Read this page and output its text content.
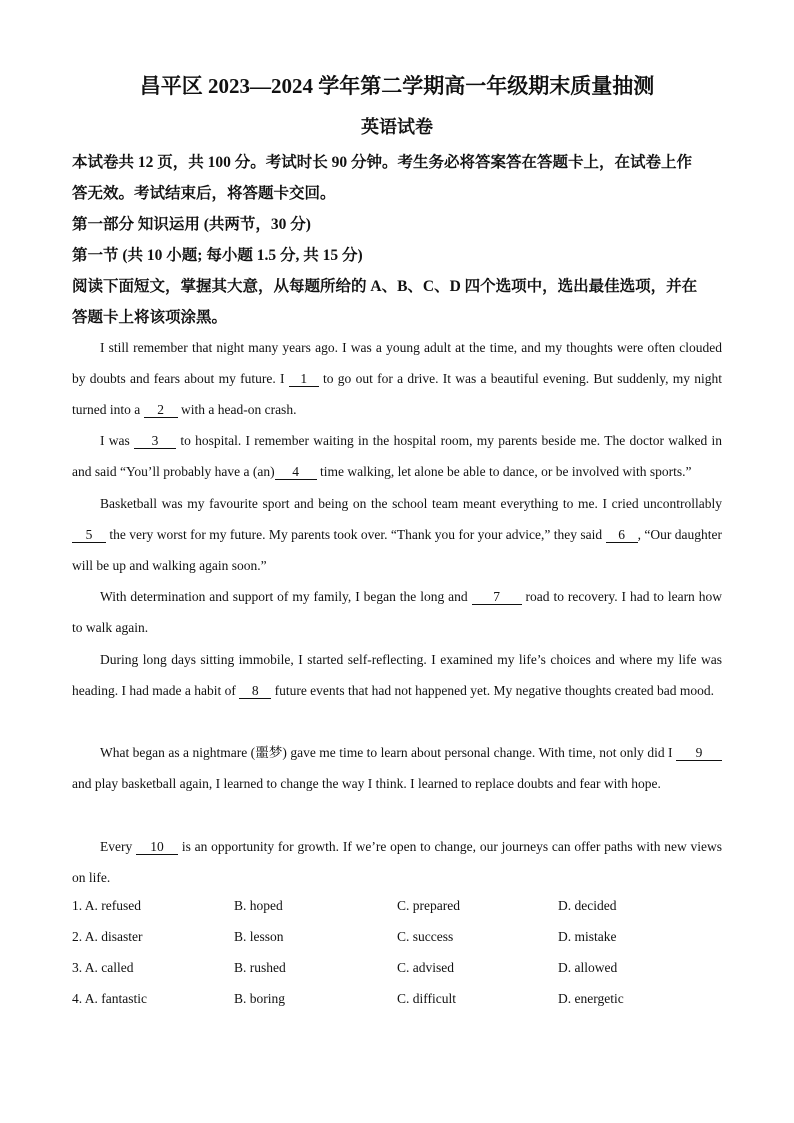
昌平区 2023—2024 学年第二学期高一年级期末质量抽测
英语试卷
本试卷共 12 页，共 100 分。考试时长 90 分钟。考生务必将答案答在答题卡上，在试卷上作
答无效。考试结束后，将答题卡交回。
第一部分 知识运用 (共两节，30 分)
第一节 (共 10 小题; 每小题 1.5 分, 共 15 分)
阅读下面短文，掌握其大意，从每题所给的 A、B、C、D 四个选项中，选出最佳选项，并在
答题卡上将该项涂黑。

I still remember that night many years ago. I was a young adult at the time, and my thoughts were often clouded by doubts and fears about my future. I 1 to go out for a drive. It was a beautiful evening. But suddenly, my night turned into a 2 with a head-on crash.

I was 3 to hospital. I remember waiting in the hospital room, my parents beside me. The doctor walked in and said “You’ll probably have a (an) 4 time walking, let alone be able to dance, or be involved with sports.”

Basketball was my favourite sport and being on the school team meant everything to me. I cried uncontrollably 5 the very worst for my future. My parents took over. “Thank you for your advice,” they said 6 , “Our daughter will be up and walking again soon.”

With determination and support of my family, I began the long and 7 road to recovery. I had to learn how to walk again.

During long days sitting immobile, I started self-reflecting. I examined my life’s choices and where my life was heading. I had made a habit of 8 future events that had not happened yet. My negative thoughts created bad mood.

What began as a nightmare (噩梦) gave me time to learn about personal change. With time, not only did I 9 and play basketball again, I learned to change the way I think. I learned to replace doubts and fear with hope.

Every 10 is an opportunity for growth. If we’re open to change, our journeys can offer paths with new views on life.

1. A. refused	B. hoped	C. prepared	D. decided
2. A. disaster	B. lesson	C. success	D. mistake
3. A. called	B. rushed	C. advised	D. allowed
4. A. fantastic	B. boring	C. difficult	D. energetic
